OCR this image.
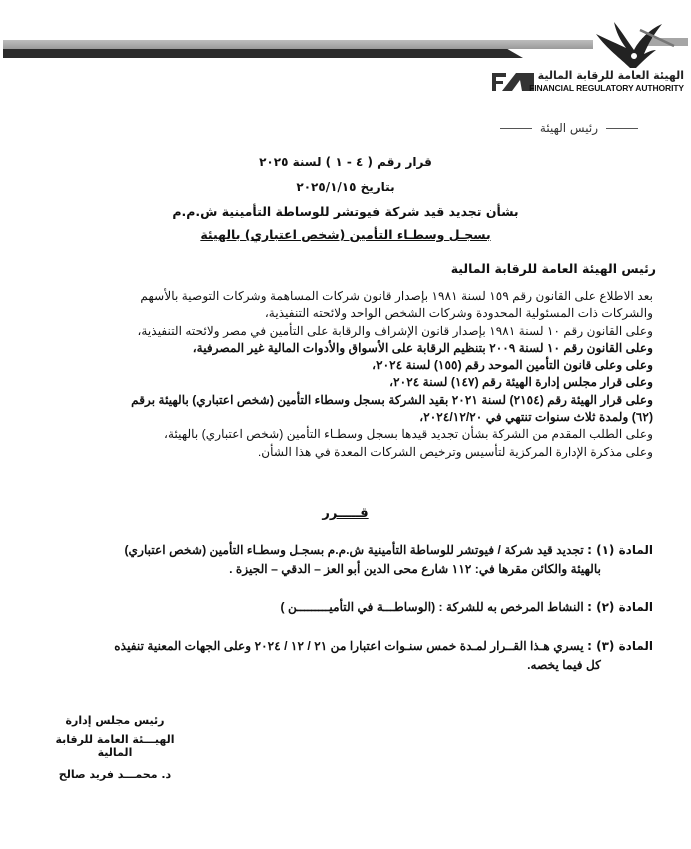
الهيئة العامة للرقابة المالية
FINANCIAL REGULATORY AUTHORITY
رئيس الهيئة
قرار رقم ( ٤ - ١ ) لسنة ٢٠٢٥
بتاريخ ٢٠٢٥/١/١٥
بشأن تجديد قيد شركة فيوتشر للوساطة التأمينية ش.م.م
بسجـل وسطـاء التأمين (شخص اعتباري) بالهيئة
رئيس الهيئة العامة للرقابة المالية
بعد الاطلاع على القانون رقم ١٥٩ لسنة ١٩٨١ بإصدار قانون شركات المساهمة وشركات التوصية بالأسهم
والشركات ذات المسئولية المحدودة وشركات الشخص الواحد ولائحته التنفيذية،
وعلى القانون رقم ١٠ لسنة ١٩٨١ بإصدار قانون الإشراف والرقابة على التأمين في مصر ولائحته التنفيذية،
وعلى القانون رقم ١٠ لسنة ٢٠٠٩ بتنظيم الرقابة على الأسواق والأدوات المالية غير المصرفية،
وعلى وعلى قانون التأمين الموحد رقم (١٥٥) لسنة ٢٠٢٤،
وعلى قرار مجلس إدارة الهيئة رقم (١٤٧) لسنة ٢٠٢٤،
وعلى قرار الهيئة رقم (٢١٥٤) لسنة ٢٠٢١ بقيد الشركة بسجل وسطاء التأمين (شخص اعتباري) بالهيئة برقم
(٦٢) ولمدة ثلاث سنوات تنتهي في ٢٠٢٤/١٢/٢٠،
وعلى الطلب المقدم من الشركة بشأن تجديد قيدها بسجل وسطـاء التأمين (شخص اعتباري) بالهيئة،
وعلى مذكرة الإدارة المركزية لتأسيس وترخيص الشركات المعدة في هذا الشأن.
قـــــرر
المادة (١) : تجديد قيد شركة / فيوتشر للوساطة التأمينية ش.م.م بسجـل وسطـاء التأمين (شخص اعتباري)
بالهيئة والكائن مقرها في: ١١٢ شارع محى الدين أبو العز – الدقي – الجيزة .
المادة (٢) : النشاط المرخص به للشركة : (الوساطـــة في التأميـــــــــن )
المادة (٣) : يسري هـذا القــرار لمـدة خمس سنـوات اعتبارا من ٢١ / ١٢ / ٢٠٢٤ وعلى الجهات المعنية تنفيذه
كل فيما يخصه.
رئيس مجلس إدارة
الهيـــئة العامة للرقابة المالية
د. محمـــد فريد صالح
